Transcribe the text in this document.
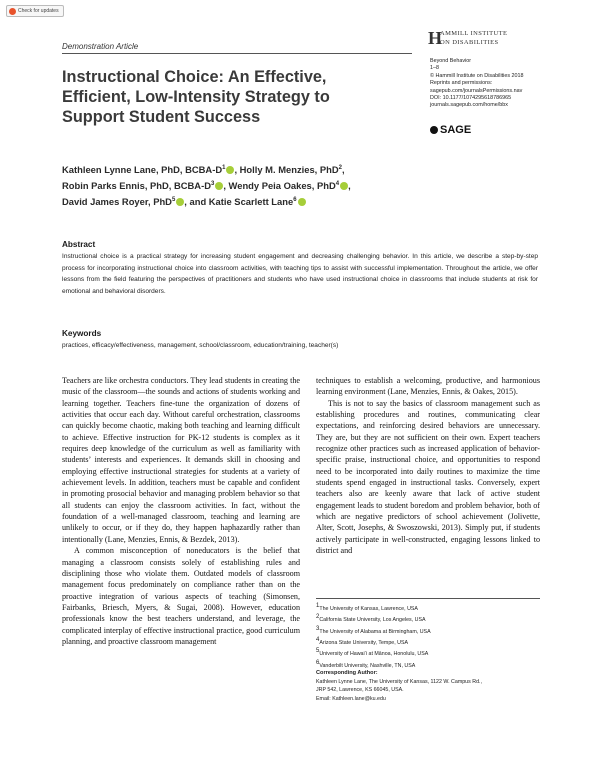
Check for updates
Demonstration Article	H
AMMILL INSTITUTE
ON DISABILITIES
Beyond Behavior
1–8
© Hammill Institute on Disabilities 2018
Reprints and permissions:
sagepub.com/journalsPermissions.nav
DOI: 10.1177/1074295618786965
journals.sagepub.com/home/bbx
SAGE
Instructional Choice: An Effective, Efficient, Low-Intensity Strategy to Support Student Success
Kathleen Lynne Lane, PhD, BCBA-$D^1$ , Holly M. Menzies, PhD$^2$,
Robin Parks Ennis, PhD, BCBA-$D^3$ , Wendy Peia Oakes, PhD$^4$ ,
David James Royer, PhD$^5$ , and Katie Scarlett Lane$^6$
Abstract
Instructional choice is a practical strategy for increasing student engagement and decreasing challenging behavior. In this article, we describe a step-by-step process for incorporating instructional choice into classroom activities, with teaching tips to assist with successful implementation. Throughout the article, we offer lessons from the field featuring the perspectives of practitioners and students who have used instructional choice in classrooms that include students at risk for emotional and behavioral disorders.
Keywords
practices, efficacy/effectiveness, management, school/classroom, education/training, teacher(s)

Teachers are like orchestra conductors. They lead students in creating the music of the classroom—the sounds and actions of students working and learning together. Teachers fine-tune the organization of dozens of activities that occur each day. Without careful orchestration, classrooms can quickly become chaotic, making both teaching and learning difficult to achieve. Effective instruction for PK-12 students is complex as it requires deep knowledge of the curriculum as well as familiarity with students’ interests and experiences. It demands skill in choosing and employing effective instructional strategies for students at a variety of achievement levels. In addition, teachers must be capable and confident in promoting prosocial behavior and managing problem behavior so that all students can enjoy the classroom activities. In fact, without the foundation of a well-managed classroom, teaching and learning are unlikely to occur, or if they do, they happen haphazardly rather than intentionally (Lane, Menzies, Ennis, & Bezdek, 2013).

A common misconception of noneducators is the belief that managing a classroom consists solely of establishing rules and disciplining those who violate them. Outdated models of classroom management focus predominately on compliance rather than on the proactive integration of various aspects of teaching (Simonsen, Fairbanks, Briesch, Myers, & Sugai, 2008). However, education professionals know the best teachers understand, and leverage, the complicated interplay of effective instructional practice, good curriculum planning, and proactive classroom management

techniques to establish a welcoming, productive, and harmonious learning environment (Lane, Menzies, Ennis, & Oakes, 2015).

This is not to say the basics of classroom management such as establishing procedures and routines, communicating clear expectations, and reinforcing desired behaviors are unnecessary. They are, but they are not sufficient on their own. Expert teachers recognize other practices such as increased application of behavior-specific praise, instructional choice, and opportunities to respond need to be incorporated into daily routines to maximize the time students spend engaged in instructional tasks. Conversely, expert teachers also are keenly aware that lack of active student engagement leads to student boredom and problem behavior, both of which are negative predictors of school achievement (Jolivette, Alter, Scott, Josephs, & Swoszowski, 2013). Simply put, if students actively participate in well-constructed, engaging lessons linked to district and

$^1$The University of Kansas, Lawrence, USA
$^2$California State University, Los Angeles, USA
$^3$The University of Alabama at Birmingham, USA
$^4$Arizona State University, Tempe, USA
$^5$University of Hawai‘i at Mānoa, Honolulu, USA
$^6$Vanderbilt University, Nashville, TN, USA
Corresponding Author:
Kathleen Lynne Lane, The University of Kansas, 1122 W. Campus Rd.,
JRP 542, Lawrence, KS 66045, USA.
Email: Kathleen.lane@ku.edu
